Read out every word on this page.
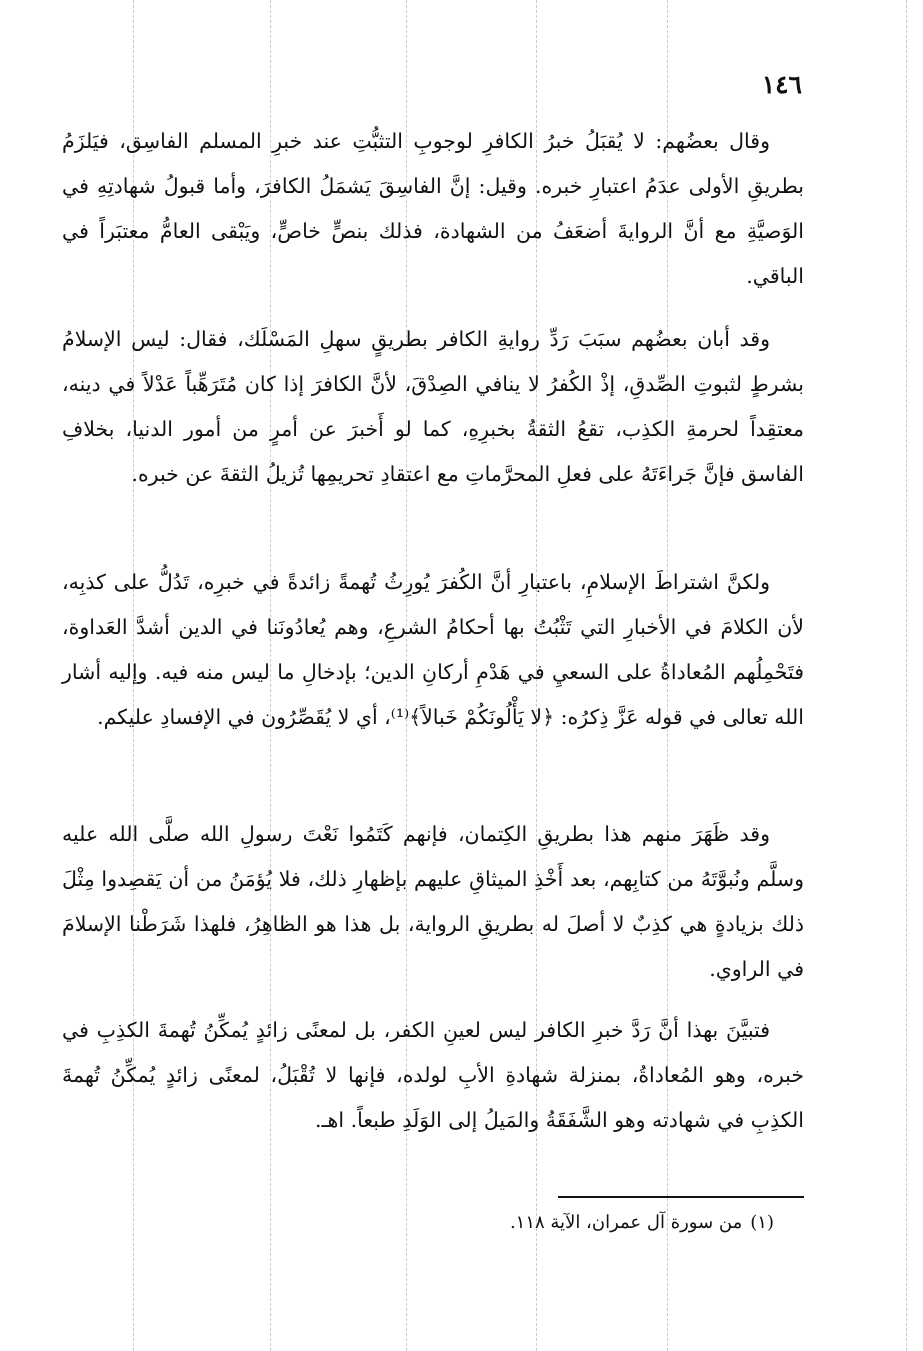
١٤٦

وقال بعضُهم: لا يُقبَلُ خبرُ الكافرِ لوجوبِ التثبُّتِ عند خبرِ المسلم الفاسِق، فيَلزَمُ بطريقِ الأولى عدَمُ اعتبارِ خبره. وقيل: إنَّ الفاسِقَ يَشمَلُ الكافرَ، وأما قبولُ شهادتِهِ في الوَصيَّةِ مع أنَّ الروايةَ أضعَفُ من الشهادة، فذلك بنصٍّ خاصٍّ، ويَبْقى العامُّ معتبَراً في الباقي.

وقد أبان بعضُهم سبَبَ رَدِّ روايةِ الكافر بطريقٍ سهلِ المَسْلَك، فقال: ليس الإسلامُ بشرطٍ لثبوتِ الصِّدقِ، إذْ الكُفرُ لا ينافي الصِدْقَ، لأنَّ الكافرَ إذا كان مُتَرَهِّباً عَدْلاً في دينه، معتقِداً لحرمةِ الكذِب، تقعُ الثقةُ بخبرِهِ، كما لو أَخبرَ عن أمرٍ من أمور الدنيا، بخلافِ الفاسق فإنَّ جَراءَتَهُ على فعلِ المحرَّماتِ مع اعتقادِ تحريمِها تُزيلُ الثقةَ عن خبره.

ولكنَّ اشتراطَ الإسلامِ، باعتبارِ أنَّ الكُفرَ يُورِثُ تُهمةً زائدةً في خبرِه، تَدُلُّ على كذبِه، لأن الكلامَ في الأخبارِ التي تَثْبُتُ بها أحكامُ الشرعِ، وهم يُعادُونَنا في الدين أشدَّ العَداوة، فتَحْمِلُهم المُعاداةُ على السعيِ في هَدْمِ أركانِ الدين؛ بإدخالِ ما ليس منه فيه. وإليه أشار الله تعالى في قوله عَزَّ ذِكرُه: ﴿لا يَأْلُونَكُمْ خَبالاً﴾⁽¹⁾، أي لا يُقَصِّرُون في الإفسادِ عليكم.

وقد ظَهَرَ منهم هذا بطريقِ الكِتمان، فإنهم كَتَمُوا نَعْتَ رسولِ الله صلَّى الله عليه وسلَّم ونُبوَّتَهُ من كتابِهم، بعد أَخْذِ الميثاقِ عليهم بإظهارِ ذلك، فلا يُؤمَنُ من أن يَقصِدوا مِثْلَ ذلك بزيادةٍ هي كذِبٌ لا أصلَ له بطريقِ الرواية، بل هذا هو الظاهِرُ، فلهذا شَرَطْنا الإسلامَ في الراوي.

فتبيَّنَ بهذا أنَّ رَدَّ خبرِ الكافر ليس لعينِ الكفر، بل لمعنًى زائدٍ يُمكِّنُ تُهمةَ الكذِبِ في خبره، وهو المُعاداةُ، بمنزلة شهادةِ الأبِ لولده، فإنها لا تُقْبَلُ، لمعنًى زائدٍ يُمكِّنُ تُهمةَ الكذِبِ في شهادته وهو الشَّفَقَةُ والمَيلُ إلى الوَلَدِ طبعاً. اهـ.

(١)من سورة آل عمران، الآية ١١٨.
